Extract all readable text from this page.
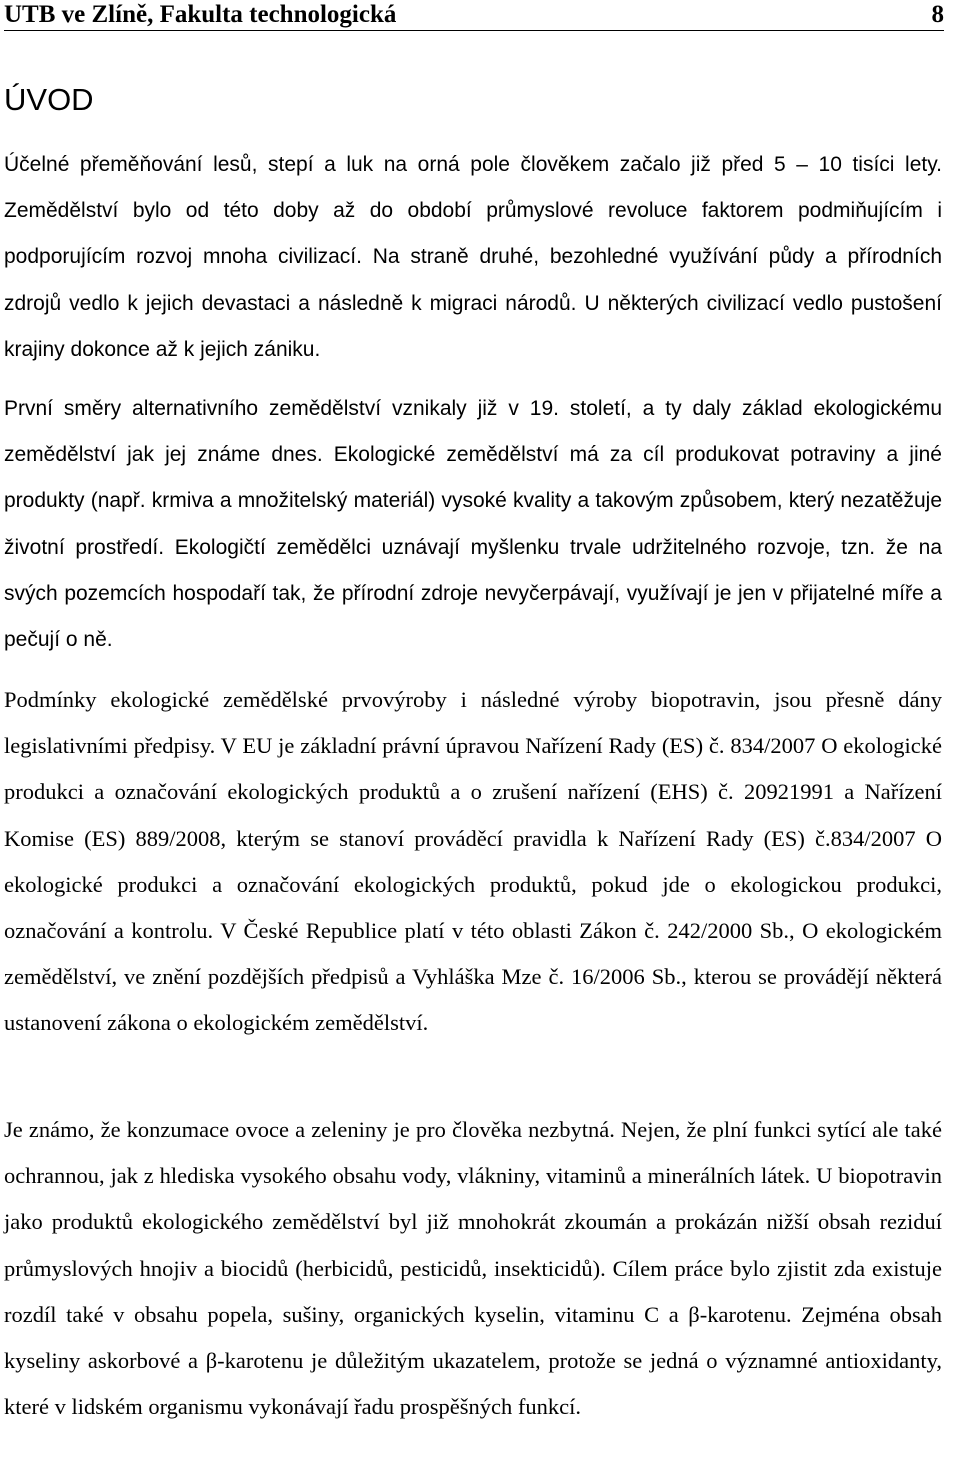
UTB ve Zlíně, Fakulta technologická	8
ÚVOD

Účelné přeměňování lesů, stepí a luk na orná pole člověkem začalo již před 5 – 10 tisíci lety. Zemědělství bylo od této doby až do období průmyslové revoluce faktorem podmiňujícím i podporujícím rozvoj mnoha civilizací. Na straně druhé, bezohledné využívání půdy a přírodních zdrojů vedlo k jejich devastaci a následně k migraci národů. U některých civilizací vedlo pustošení krajiny dokonce až k jejich zániku.

První směry alternativního zemědělství vznikaly již v 19. století, a ty daly základ ekologickému zemědělství jak jej známe dnes. Ekologické zemědělství má za cíl produkovat potraviny a jiné produkty (např. krmiva a množitelský materiál) vysoké kvality a takovým způsobem, který nezatěžuje životní prostředí. Ekologičtí zemědělci uznávají myšlenku trvale udržitelného rozvoje, tzn. že na svých pozemcích hospodaří tak, že přírodní zdroje nevyčerpávají, využívají je jen v přijatelné míře a pečují o ně.

Podmínky ekologické zemědělské prvovýroby i následné výroby biopotravin, jsou přesně dány legislativními předpisy. V EU je základní právní úpravou Nařízení Rady (ES) č. 834/2007 O ekologické produkci a označování ekologických produktů a o zrušení nařízení (EHS) č. 20921991 a Nařízení Komise (ES) 889/2008, kterým se stanoví prováděcí pravidla k Nařízení Rady (ES) č.834/2007 O ekologické produkci a označování ekologických produktů, pokud jde o ekologickou produkci, označování a kontrolu. V České Republice platí v této oblasti Zákon č. 242/2000 Sb., O ekologickém zemědělství, ve znění pozdějších předpisů a Vyhláška Mze č. 16/2006 Sb., kterou se provádějí některá ustanovení zákona o ekologickém zemědělství.

Je známo, že konzumace ovoce a zeleniny je pro člověka nezbytná. Nejen, že plní funkci sytící ale také ochrannou, jak z hlediska vysokého obsahu vody, vlákniny, vitaminů a minerálních látek. U biopotravin jako produktů ekologického zemědělství byl již mnohokrát zkoumán a prokázán nižší obsah reziduí průmyslových hnojiv a biocidů (herbicidů, pesticidů, insekticidů). Cílem práce bylo zjistit zda existuje rozdíl také v obsahu popela, sušiny, organických kyselin, vitaminu C a β-karotenu. Zejména obsah kyseliny askorbové a β-karotenu je důležitým ukazatelem, protože se jedná o významné antioxidanty, které v lidském organismu vykonávají řadu prospěšných funkcí.
